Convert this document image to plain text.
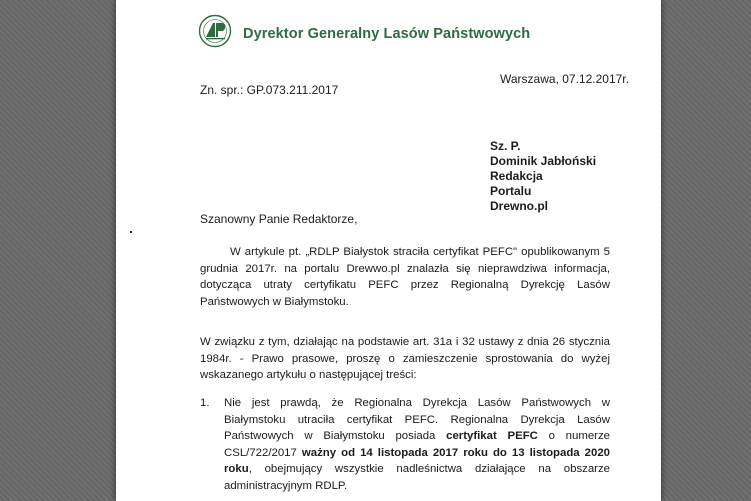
Dyrektor Generalny Lasów Państwowych
Warszawa, 07.12.2017r.
Zn. spr.: GP.073.211.2017
Sz. P.
Dominik Jabłoński
Redakcja
Portalu
Drewno.pl
Szanowny Panie Redaktorze,
W artykule pt. „RDLP Białystok straciła certyfikat PEFC" opublikowanym 5 grudnia 2017r. na portalu Drewwo.pl znalazła się nieprawdziwa informacja, dotycząca utraty certyfikatu PEFC przez Regionalną Dyrekcję Lasów Państwowych w Białymstoku.
W związku z tym, działając na podstawie art. 31a i 32 ustawy z dnia 26 stycznia 1984r. - Prawo prasowe, proszę o zamieszczenie sprostowania do wyżej wskazanego artykułu o następującej treści:
1. Nie jest prawdą, że Regionalna Dyrekcja Lasów Państwowych w Białymstoku utraciła certyfikat PEFC. Regionalna Dyrekcja Lasów Państwowych w Białymstoku posiada certyfikat PEFC o numerze CSL/722/2017 ważny od 14 listopada 2017 roku do 13 listopada 2020 roku, obejmujący wszystkie nadleśnictwa działające na obszarze administracyjnym RDLP.
